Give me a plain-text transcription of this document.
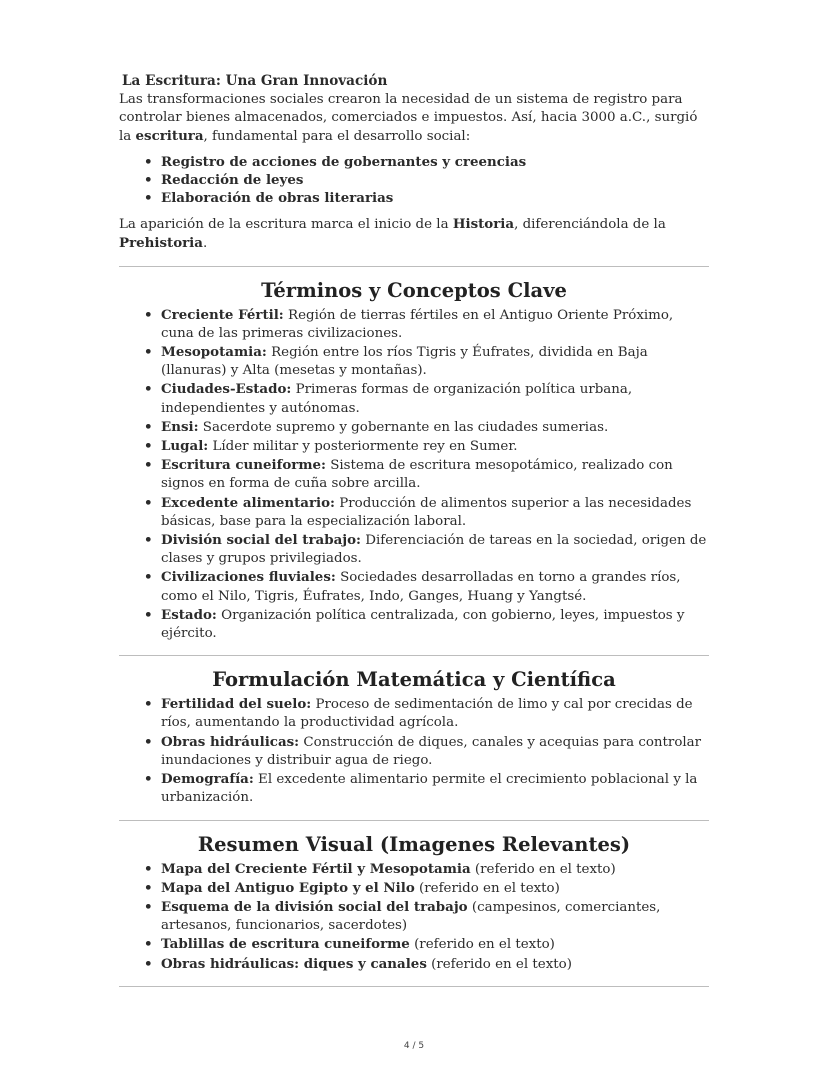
La Escritura: Una Gran Innovación

Las transformaciones sociales crearon la necesidad de un sistema de registro para controlar bienes almacenados, comerciados e impuestos. Así, hacia 3000 a.C., surgió la escritura, fundamental para el desarrollo social:

• Registro de acciones de gobernantes y creencias
• Redacción de leyes
• Elaboración de obras literarias

La aparición de la escritura marca el inicio de la Historia, diferenciándola de la Prehistoria.

Términos y Conceptos Clave
• Creciente Fértil: Región de tierras fértiles en el Antiguo Oriente Próximo, cuna de las primeras civilizaciones.
• Mesopotamia: Región entre los ríos Tigris y Éufrates, dividida en Baja (llanuras) y Alta (mesetas y montañas).
• Ciudades-Estado: Primeras formas de organización política urbana, independientes y autónomas.
• Ensi: Sacerdote supremo y gobernante en las ciudades sumerias.
• Lugal: Líder militar y posteriormente rey en Sumer.
• Escritura cuneiforme: Sistema de escritura mesopotámico, realizado con signos en forma de cuña sobre arcilla.
• Excedente alimentario: Producción de alimentos superior a las necesidades básicas, base para la especialización laboral.
• División social del trabajo: Diferenciación de tareas en la sociedad, origen de clases y grupos privilegiados.
• Civilizaciones fluviales: Sociedades desarrolladas en torno a grandes ríos, como el Nilo, Tigris, Éufrates, Indo, Ganges, Huang y Yangtsé.
• Estado: Organización política centralizada, con gobierno, leyes, impuestos y ejército.
Formulación Matemática y Científica
• Fertilidad del suelo: Proceso de sedimentación de limo y cal por crecidas de ríos, aumentando la productividad agrícola.
• Obras hidráulicas: Construcción de diques, canales y acequias para controlar inundaciones y distribuir agua de riego.
• Demografía: El excedente alimentario permite el crecimiento poblacional y la urbanización.
Resumen Visual (Imagenes Relevantes)
• Mapa del Creciente Fértil y Mesopotamia (referido en el texto)
• Mapa del Antiguo Egipto y el Nilo (referido en el texto)
• Esquema de la división social del trabajo (campesinos, comerciantes, artesanos, funcionarios, sacerdotes)
• Tablillas de escritura cuneiforme (referido en el texto)
• Obras hidráulicas: diques y canales (referido en el texto)
4 / 5
